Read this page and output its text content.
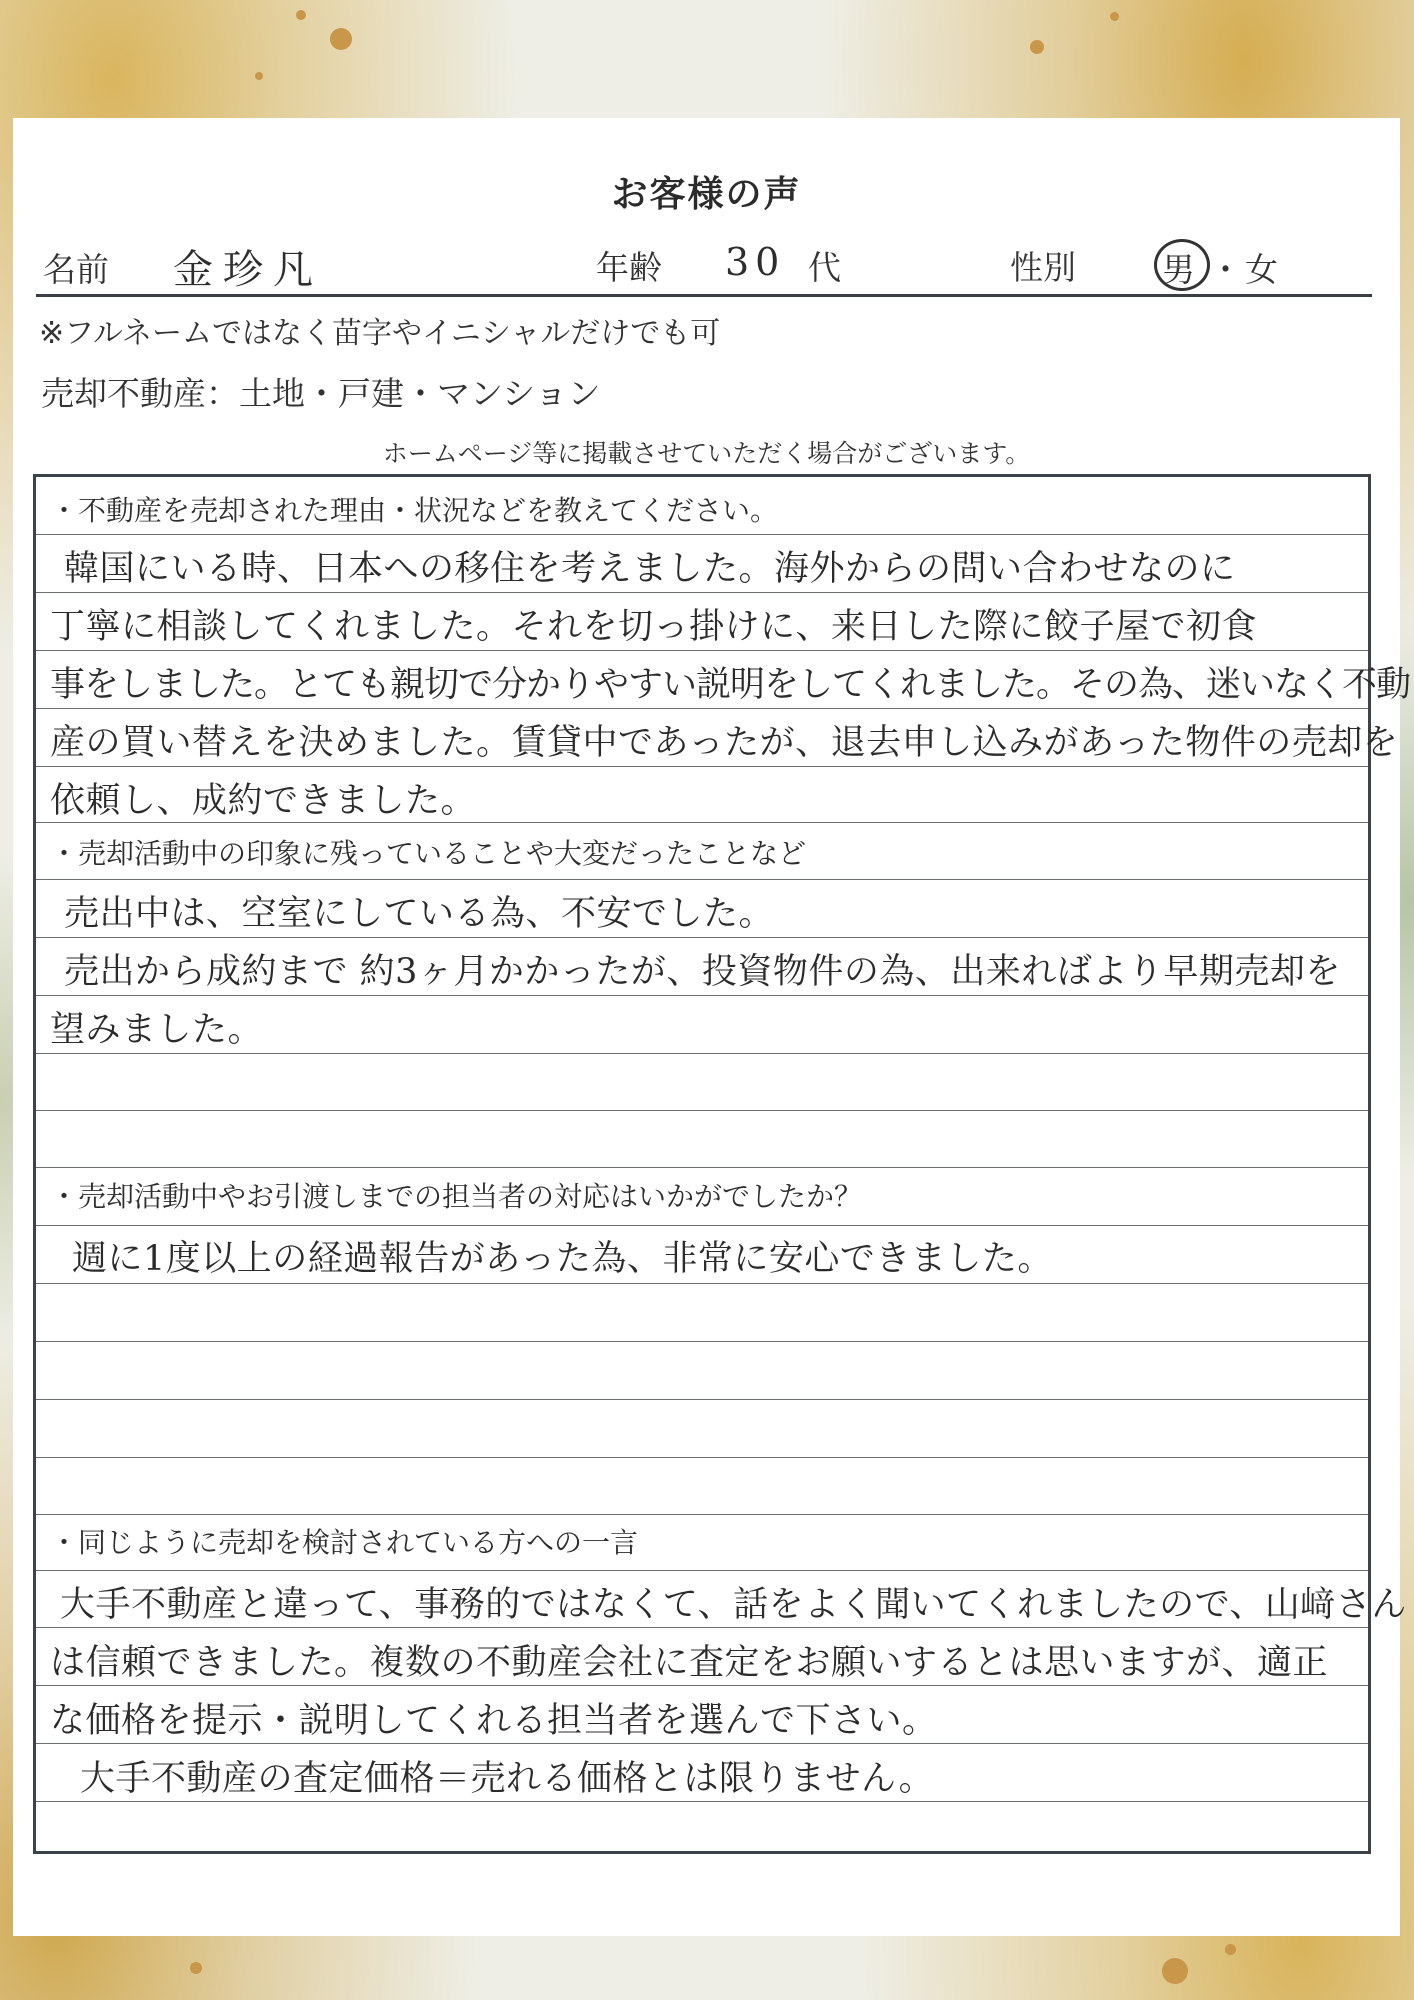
お客様の声
名前 金珍凡	年齢 30 代	性別	男 ・ 女
※フルネームではなく苗字やイニシャルだけでも可
売却不動産：土地・戸建・マンション
ホームページ等に掲載させていただく場合がございます。
・不動産を売却された理由・状況などを教えてください。
韓国にいる時、日本への移住を考えました。海外からの問い合わせなのに
丁寧に相談してくれました。それを切っ掛けに、来日した際に餃子屋で初食
事をしました。とても親切で分かりやすい説明をしてくれました。その為、迷いなく不動
産の買い替えを決めました。賃貸中であったが、退去申し込みがあった物件の売却を
依頼し、成約できました。
・売却活動中の印象に残っていることや大変だったことなど
売出中は、空室にしている為、不安でした。
売出から成約まで 約3ヶ月かかったが、投資物件の為、出来ればより早期売却を
望みました。
・売却活動中やお引渡しまでの担当者の対応はいかがでしたか？
週に1度以上の経過報告があった為、非常に安心できました。
・同じように売却を検討されている方への一言
大手不動産と違って、事務的ではなくて、話をよく聞いてくれましたので、山﨑さん
は信頼できました。複数の不動産会社に査定をお願いするとは思いますが、適正
な価格を提示・説明してくれる担当者を選んで下さい。
大手不動産の査定価格＝売れる価格とは限りません。
